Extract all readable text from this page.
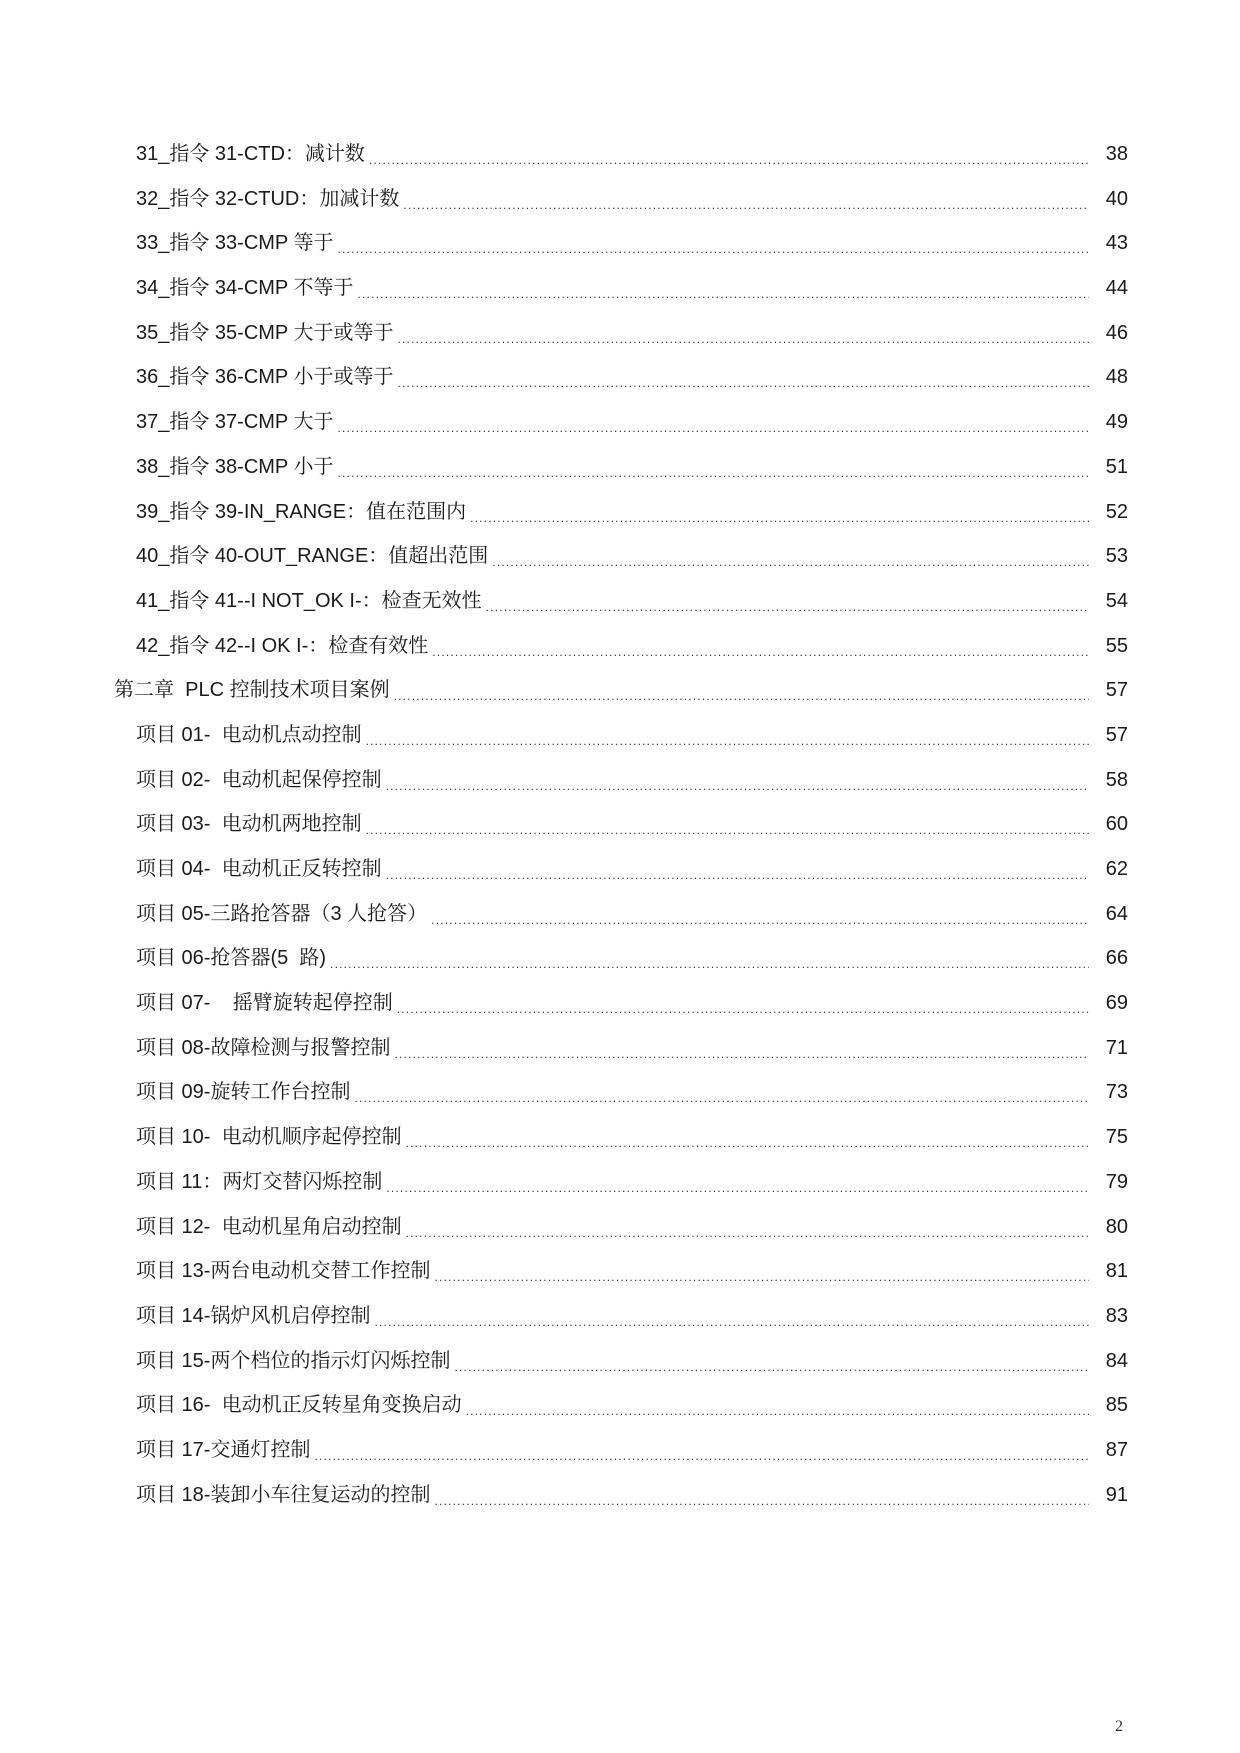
31_指令 31-CTD：减计数 .....	38
32_指令 32-CTUD：加减计数 .....	40
33_指令 33-CMP 等于 .....	43
34_指令 34-CMP 不等于 .....	44
35_指令 35-CMP 大于或等于 .....	46
36_指令 36-CMP 小于或等于 .....	48
37_指令 37-CMP 大于 .....	49
38_指令 38-CMP 小于 .....	51
39_指令 39-IN_RANGE：值在范围内 .....	52
40_指令 40-OUT_RANGE：值超出范围 .....	53
41_指令 41--I NOT_OK I-：检查无效性 .....	54
42_指令 42--I OK I-：检查有效性 .....	55
第二章  PLC 控制技术项目案例 .....	57
项目 01-  电动机点动控制 .....	57
项目 02-  电动机起保停控制 .....	58
项目 03-  电动机两地控制 .....	60
项目 04-  电动机正反转控制 .....	62
项目 05-三路抢答器（3 人抢答） .....	64
项目 06-抢答器(5  路) .....	66
项目 07-    摇臂旋转起停控制 .....	69
项目 08-故障检测与报警控制 .....	71
项目 09-旋转工作台控制 .....	73
项目 10-  电动机顺序起停控制 .....	75
项目 11：两灯交替闪烁控制 .....	79
项目 12-  电动机星角启动控制 .....	80
项目 13-两台电动机交替工作控制 .....	81
项目 14-锅炉风机启停控制 .....	83
项目 15-两个档位的指示灯闪烁控制 .....	84
项目 16-  电动机正反转星角变换启动 .....	85
项目 17-交通灯控制 .....	87
项目 18-装卸小车往复运动的控制 .....	91
2
